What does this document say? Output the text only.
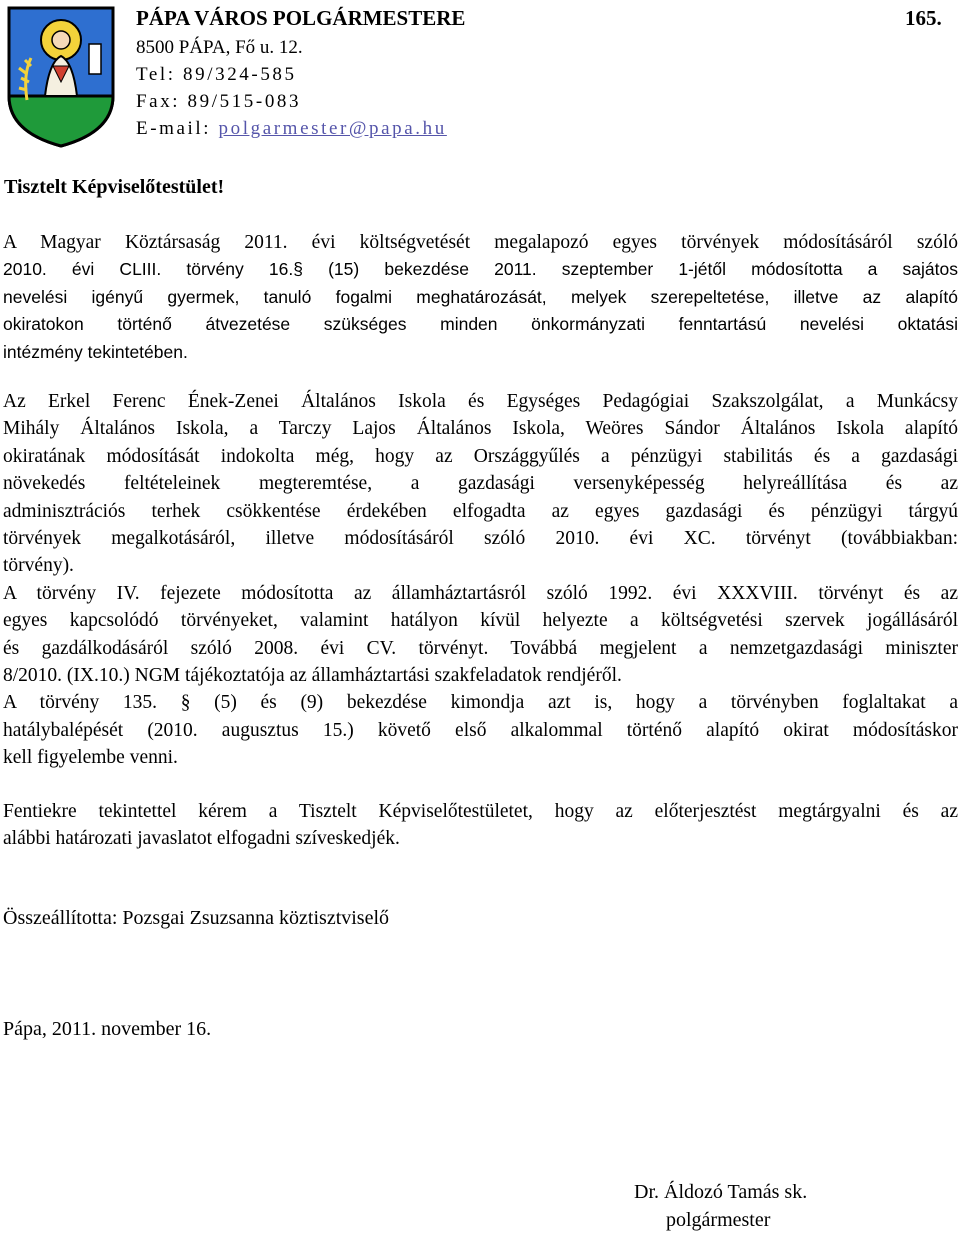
PÁPA VÁROS POLGÁRMESTERE	165.
8500 PÁPA, Fő u. 12.
Tel: 89/324-585
Fax: 89/515-083
E-mail: polgarmester@papa.hu
Tisztelt Képviselőtestület!
A Magyar Köztársaság 2011. évi költségvetését megalapozó egyes törvények módosításáról szóló
2010. évi CLIII. törvény 16.§ (15) bekezdése 2011. szeptember 1-jétől módosította a sajátos
nevelési igényű gyermek, tanuló fogalmi meghatározását, melyek szerepeltetése, illetve az alapító
okiratokon történő átvezetése szükséges minden önkormányzati fenntartású nevelési oktatási
intézmény tekintetében.
Az Erkel Ferenc Ének-Zenei Általános Iskola és Egységes Pedagógiai Szakszolgálat, a Munkácsy
Mihály Általános Iskola, a Tarczy Lajos Általános Iskola, Weöres Sándor Általános Iskola alapító
okiratának módosítását indokolta még, hogy az Országgyűlés a pénzügyi stabilitás és a gazdasági
növekedés feltételeinek megteremtése, a gazdasági versenyképesség helyreállítása és az
adminisztrációs terhek csökkentése érdekében elfogadta az egyes gazdasági és pénzügyi tárgyú
törvények megalkotásáról, illetve módosításáról szóló 2010. évi XC. törvényt (továbbiakban:
törvény).
A törvény IV. fejezete módosította az államháztartásról szóló 1992. évi XXXVIII. törvényt és az
egyes kapcsolódó törvényeket, valamint hatályon kívül helyezte a költségvetési szervek jogállásáról
és gazdálkodásáról szóló 2008. évi CV. törvényt. Továbbá megjelent a nemzetgazdasági miniszter
8/2010. (IX.10.) NGM tájékoztatója az államháztartási szakfeladatok rendjéről.
A törvény 135. § (5) és (9) bekezdése kimondja azt is, hogy a törvényben foglaltakat a
hatálybalépését (2010. augusztus 15.) követő első alkalommal történő alapító okirat módosításkor
kell figyelembe venni.
Fentiekre tekintettel kérem a Tisztelt Képviselőtestületet, hogy az előterjesztést megtárgyalni és az
alábbi határozati javaslatot elfogadni szíveskedjék.
Összeállította: Pozsgai Zsuzsanna köztisztviselő
Pápa, 2011. november 16.
Dr. Áldozó Tamás sk.
polgármester
